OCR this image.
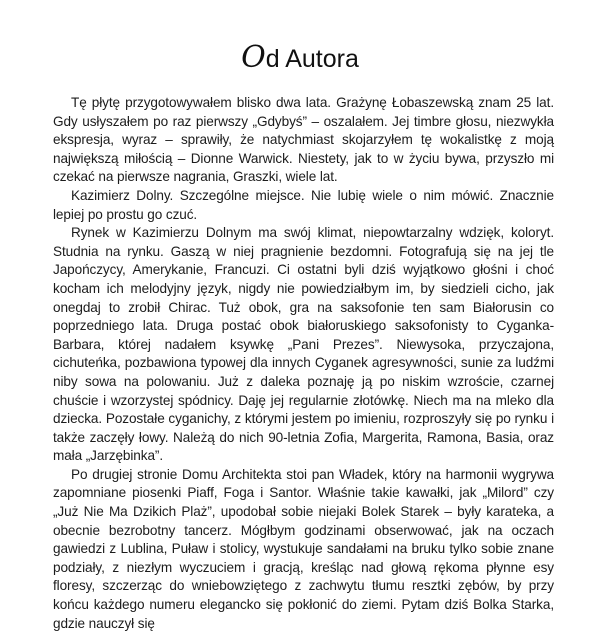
Od Autora

Tę płytę przygotowywałem blisko dwa lata. Grażynę Łobaszewską znam 25 lat. Gdy usłyszałem po raz pierwszy „Gdybyś” – oszalałem. Jej timbre głosu, niezwykła ekspresja, wyraz – sprawiły, że natychmiast skojarzyłem tę wokalistkę z moją największą miłością – Dionne Warwick. Niestety, jak to w życiu bywa, przyszło mi czekać na pierwsze nagrania, Graszki, wiele lat.

Kazimierz Dolny. Szczególne miejsce. Nie lubię wiele o nim mówić. Znacznie lepiej po prostu go czuć.

Rynek w Kazimierzu Dolnym ma swój klimat, niepowtarzalny wdzięk, koloryt. Studnia na rynku. Gaszą w niej pragnienie bezdomni. Fotografują się na jej tle Japończycy, Amerykanie, Francuzi. Ci ostatni byli dziś wyjątkowo głośni i choć kocham ich melodyjny język, nigdy nie powiedziałbym im, by siedzieli cicho, jak onegdaj to zrobił Chirac. Tuż obok, gra na saksofonie ten sam Białorusin co poprzedniego lata. Druga postać obok białoruskiego saksofonisty to Cyganka-Barbara, której nadałem ksywkę „Pani Prezes”. Niewysoka, przyczajona, cichuteńka, pozbawiona typowej dla innych Cyganek agresywności, sunie za ludźmi niby sowa na polowaniu. Już z daleka poznaję ją po niskim wzroście, czarnej chuście i wzorzystej spódnicy. Daję jej regularnie złotówkę. Niech ma na mleko dla dziecka. Pozostałe cyganichy, z którymi jestem po imieniu, rozproszyły się po rynku i także zaczęły łowy. Należą do nich 90-letnia Zofia, Margerita, Ramona, Basia, oraz mała „Jarzębinka”.

Po drugiej stronie Domu Architekta stoi pan Władek, który na harmonii wygrywa zapomniane piosenki Piaff, Foga i Santor. Właśnie takie kawałki, jak „Milord” czy „Już Nie Ma Dzikich Plaż”, upodobał sobie niejaki Bolek Starek – były karateka, a obecnie bezrobotny tancerz. Mógłbym godzinami obserwować, jak na oczach gawiedzi z Lublina, Puław i stolicy, wystukuje sandałami na bruku tylko sobie znane podziały, z niezłym wyczuciem i gracją, kreśląc nad głową rękoma płynne esy floresy, szczerząc do wniebowziętego z zachwytu tłumu resztki zębów, by przy końcu każdego numeru elegancko się pokłonić do ziemi. Pytam dziś Bolka Starka, gdzie nauczył się
